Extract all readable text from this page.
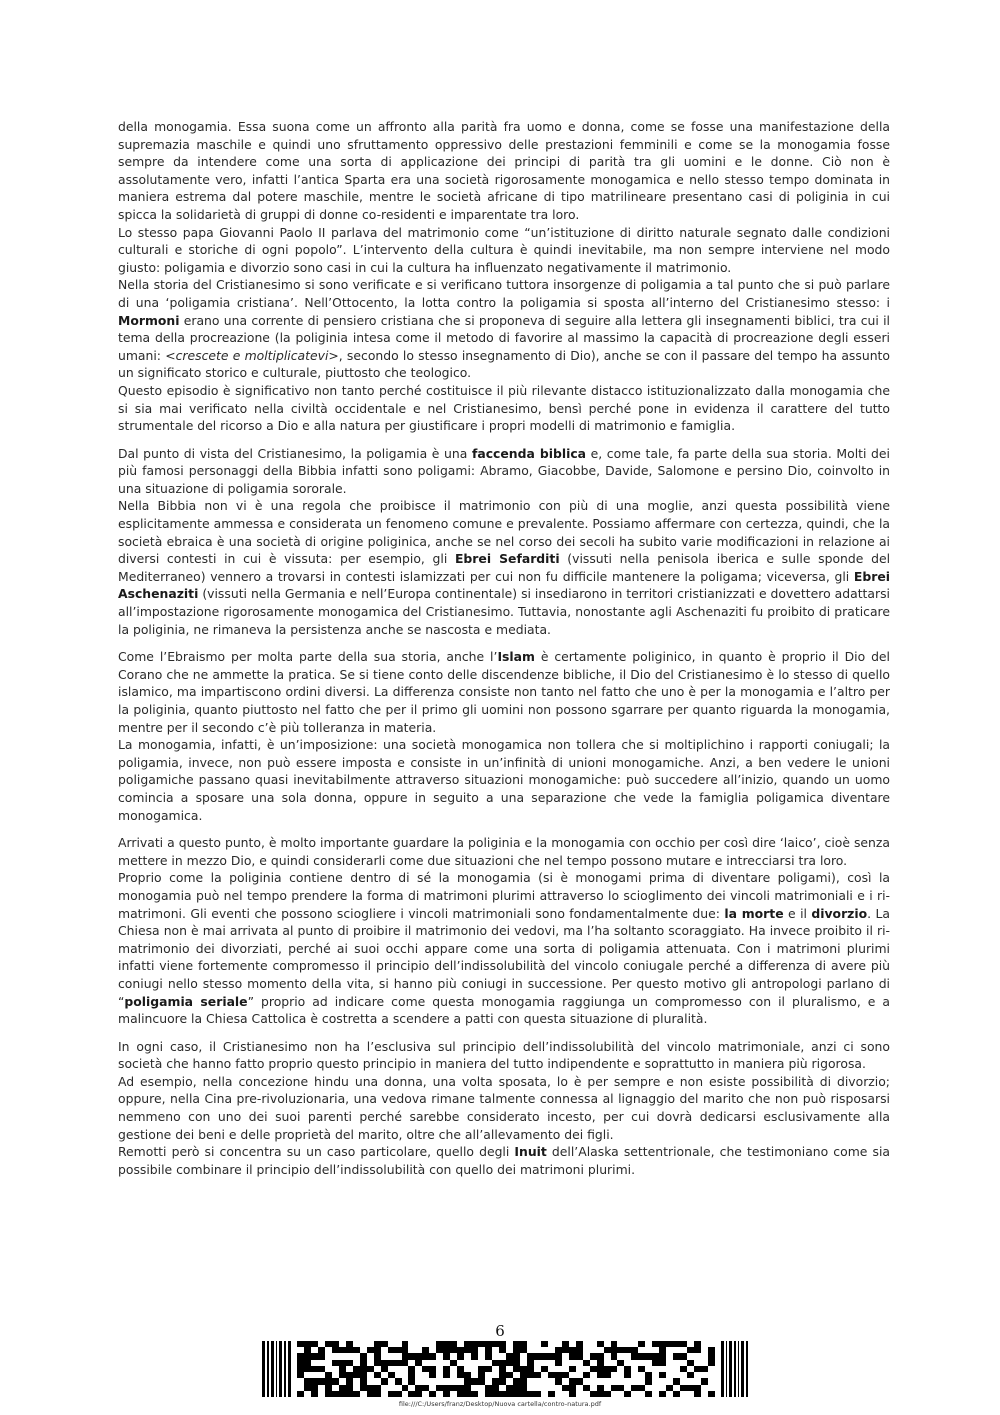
della monogamia. Essa suona come un affronto alla parità fra uomo e donna, come se fosse una manifestazione della supremazia maschile e quindi uno sfruttamento oppressivo delle prestazioni femminili e come se la monogamia fosse sempre da intendere come una sorta di applicazione dei principi di parità tra gli uomini e le donne. Ciò non è assolutamente vero, infatti l’antica Sparta era una società rigorosamente monogamica e nello stesso tempo dominata in maniera estrema dal potere maschile, mentre le società africane di tipo matrilineare presentano casi di poliginia in cui spicca la solidarietà di gruppi di donne co-residenti e imparentate tra loro.

Lo stesso papa Giovanni Paolo II parlava del matrimonio come “un’istituzione di diritto naturale segnato dalle condizioni culturali e storiche di ogni popolo”. L’intervento della cultura è quindi inevitabile, ma non sempre interviene nel modo giusto: poligamia e divorzio sono casi in cui la cultura ha influenzato negativamente il matrimonio.

Nella storia del Cristianesimo si sono verificate e si verificano tuttora insorgenze di poligamia a tal punto che si può parlare di una ‘poligamia cristiana’. Nell’Ottocento, la lotta contro la poligamia si sposta all’interno del Cristianesimo stesso: i Mormoni erano una corrente di pensiero cristiana che si proponeva di seguire alla lettera gli insegnamenti biblici, tra cui il tema della procreazione (la poliginia intesa come il metodo di favorire al massimo la capacità di procreazione degli esseri umani: <crescete e moltiplicatevi>, secondo lo stesso insegnamento di Dio), anche se con il passare del tempo ha assunto un significato storico e culturale, piuttosto che teologico.

Questo episodio è significativo non tanto perché costituisce il più rilevante distacco istituzionalizzato dalla monogamia che si sia mai verificato nella civiltà occidentale e nel Cristianesimo, bensì perché pone in evidenza il carattere del tutto strumentale del ricorso a Dio e alla natura per giustificare i propri modelli di matrimonio e famiglia.

Dal punto di vista del Cristianesimo, la poligamia è una faccenda biblica e, come tale, fa parte della sua storia. Molti dei più famosi personaggi della Bibbia infatti sono poligami: Abramo, Giacobbe, Davide, Salomone e persino Dio, coinvolto in una situazione di poligamia sororale.

Nella Bibbia non vi è una regola che proibisce il matrimonio con più di una moglie, anzi questa possibilità viene esplicitamente ammessa e considerata un fenomeno comune e prevalente. Possiamo affermare con certezza, quindi, che la società ebraica è una società di origine poliginica, anche se nel corso dei secoli ha subito varie modificazioni in relazione ai diversi contesti in cui è vissuta: per esempio, gli Ebrei Sefarditi (vissuti nella penisola iberica e sulle sponde del Mediterraneo) vennero a trovarsi in contesti islamizzati per cui non fu difficile mantenere la poligama; viceversa, gli Ebrei Aschenaziti (vissuti nella Germania e nell’Europa continentale) si insediarono in territori cristianizzati e dovettero adattarsi all’impostazione rigorosamente monogamica del Cristianesimo. Tuttavia, nonostante agli Aschenaziti fu proibito di praticare la poliginia, ne rimaneva la persistenza anche se nascosta e mediata.

Come l’Ebraismo per molta parte della sua storia, anche l’Islam è certamente poliginico, in quanto è proprio il Dio del Corano che ne ammette la pratica. Se si tiene conto delle discendenze bibliche, il Dio del Cristianesimo è lo stesso di quello islamico, ma impartiscono ordini diversi. La differenza consiste non tanto nel fatto che uno è per la monogamia e l’altro per la poliginia, quanto piuttosto nel fatto che per il primo gli uomini non possono sgarrare per quanto riguarda la monogamia, mentre per il secondo c’è più tolleranza in materia.

La monogamia, infatti, è un’imposizione: una società monogamica non tollera che si moltiplichino i rapporti coniugali; la poligamia, invece, non può essere imposta e consiste in un’infinità di unioni monogamiche. Anzi, a ben vedere le unioni poligamiche passano quasi inevitabilmente attraverso situazioni monogamiche: può succedere all’inizio, quando un uomo comincia a sposare una sola donna, oppure in seguito a una separazione che vede la famiglia poligamica diventare monogamica.

Arrivati a questo punto, è molto importante guardare la poliginia e la monogamia con occhio per così dire ‘laico’, cioè senza mettere in mezzo Dio, e quindi considerarli come due situazioni che nel tempo possono mutare e intrecciarsi tra loro.

Proprio come la poliginia contiene dentro di sé la monogamia (si è monogami prima di diventare poligami), così la monogamia può nel tempo prendere la forma di matrimoni plurimi attraverso lo scioglimento dei vincoli matrimoniali e i ri-matrimoni. Gli eventi che possono sciogliere i vincoli matrimoniali sono fondamentalmente due: la morte e il divorzio. La Chiesa non è mai arrivata al punto di proibire il matrimonio dei vedovi, ma l’ha soltanto scoraggiato. Ha invece proibito il ri-matrimonio dei divorziati, perché ai suoi occhi appare come una sorta di poligamia attenuata. Con i matrimoni plurimi infatti viene fortemente compromesso il principio dell’indissolubilità del vincolo coniugale perché a differenza di avere più coniugi nello stesso momento della vita, si hanno più coniugi in successione. Per questo motivo gli antropologi parlano di “poligamia seriale” proprio ad indicare come questa monogamia raggiunga un compromesso con il pluralismo, e a malincuore la Chiesa Cattolica è costretta a scendere a patti con questa situazione di pluralità.

In ogni caso, il Cristianesimo non ha l’esclusiva sul principio dell’indissolubilità del vincolo matrimoniale, anzi ci sono società che hanno fatto proprio questo principio in maniera del tutto indipendente e soprattutto in maniera più rigorosa.

Ad esempio, nella concezione hindu una donna, una volta sposata, lo è per sempre e non esiste possibilità di divorzio; oppure, nella Cina pre-rivoluzionaria, una vedova rimane talmente connessa al lignaggio del marito che non può risposarsi nemmeno con uno dei suoi parenti perché sarebbe considerato incesto, per cui dovrà dedicarsi esclusivamente alla gestione dei beni e delle proprietà del marito, oltre che all’allevamento dei figli.

Remotti però si concentra su un caso particolare, quello degli Inuit dell’Alaska settentrionale, che testimoniano come sia possibile combinare il principio dell’indissolubilità con quello dei matrimoni plurimi.

6
file:///C:/Users/franz/Desktop/Nuova cartella/contro-natura.pdf
